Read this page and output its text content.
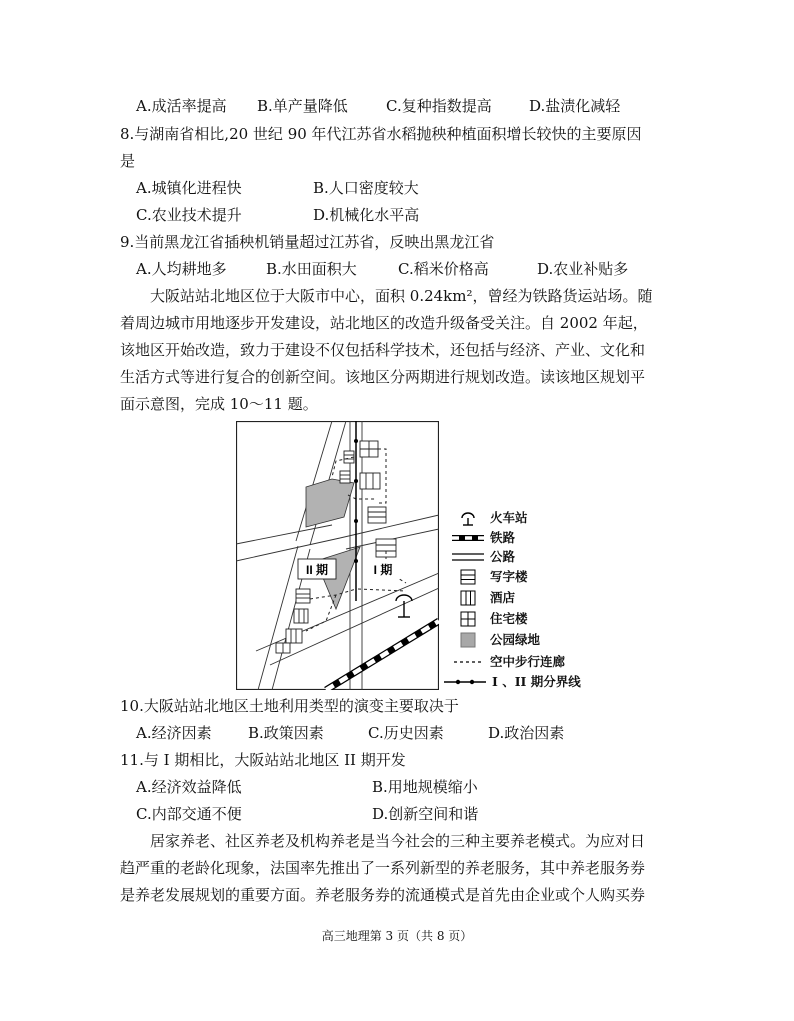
A.成活率提高 B.单产量降低	C.复种指数提高 D.盐渍化减轻
8.与湖南省相比,20 世纪 90 年代江苏省水稻抛秧种植面积增长较快的主要原因
是
A.城镇化进程快	B.人口密度较大
C.农业技术提升	D.机械化水平高
9.当前黑龙江省插秧机销量超过江苏省，反映出黑龙江省
A.人均耕地多	B.水田面积大	C.稻米价格高	D.农业补贴多
大阪站站北地区位于大阪市中心，面积 0.24km²，曾经为铁路货运站场。随
着周边城市用地逐步开发建设，站北地区的改造升级备受关注。自 2002 年起，
该地区开始改造，致力于建设不仅包括科学技术，还包括与经济、产业、文化和
生活方式等进行复合的创新空间。该地区分两期进行规划改造。读该地区规划平
面示意图，完成 10～11 题。
II 期	I 期
火车站
铁路
公路
写字楼
酒店
住宅楼
公园绿地
空中步行连廊
I 、II 期分界线
10.大阪站站北地区土地利用类型的演变主要取决于
A.经济因素 B.政策因素	C.历史因素	D.政治因素
11.与 I 期相比，大阪站站北地区 II 期开发
A.经济效益降低	B.用地规模缩小
C.内部交通不便	D.创新空间和谐
居家养老、社区养老及机构养老是当今社会的三种主要养老模式。为应对日
趋严重的老龄化现象，法国率先推出了一系列新型的养老服务，其中养老服务券
是养老发展规划的重要方面。养老服务券的流通模式是首先由企业或个人购买券
高三地理第 3 页（共 8 页）
